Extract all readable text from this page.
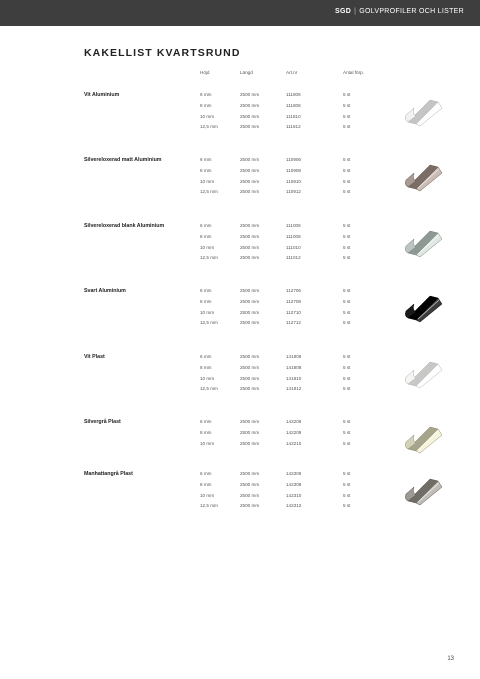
SGD | GOLVPROFILER OCH LISTER
KAKELLIST KVARTSRUND
Höjd	Längd	Art.nr	Antal förp.
Vit Aluminium	6 mm	2500 mm	111806	5 st
8 mm	2500 mm	111808	5 st
10 mm	2500 mm	111810	5 st
12,5 mm	2500 mm	111812	5 st
Silvereloxerad matt Aluminium	6 mm	2500 mm	110906	5 st
8 mm	2500 mm	110908	5 st
10 mm	2500 mm	110910	5 st
12,5 mm	2500 mm	110912	5 st
Silvereloxerad blank Aluminium	6 mm	2500 mm	111006	5 st
8 mm	2500 mm	111008	5 st
10 mm	2500 mm	111010	5 st
12,5 mm	2500 mm	111012	5 st
Svart Aluminium	6 mm	2500 mm	112706	5 st
8 mm	2500 mm	112708	5 st
10 mm	2500 mm	112710	5 st
12,5 mm	2500 mm	112712	5 st
Vit Plast	6 mm	2500 mm	141806	5 st
8 mm	2500 mm	141808	5 st
10 mm	2500 mm	141810	5 st
12,5 mm	2500 mm	141812	5 st
Silvergrå Plast	6 mm	2500 mm	142206	5 st
8 mm	2500 mm	142208	5 st
10 mm	2500 mm	142210	5 st
Manhattangrå Plast	6 mm	2500 mm	142306	5 st
8 mm	2500 mm	142308	5 st
10 mm	2500 mm	142310	5 st
12,5 mm	2500 mm	142312	5 st
13
